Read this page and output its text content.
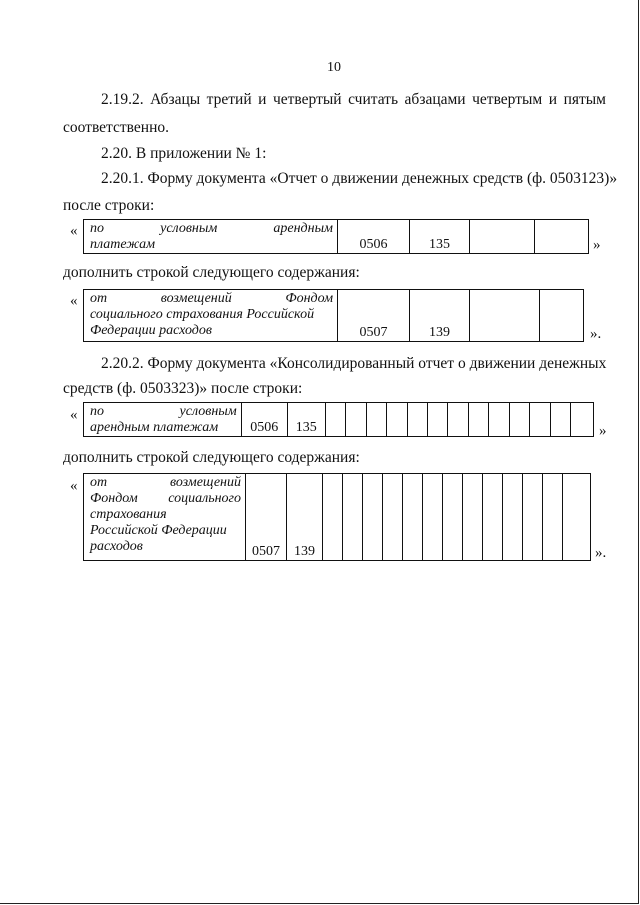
10
2.19.2. Абзацы третий и четвертый считать абзацами четвертым и пятым
соответственно.
2.20. В приложении № 1:
2.20.1. Форму документа «Отчет о движении денежных средств (ф. 0503123)»
после строки:
« по условным арендным
платежам	0506	135			»
дополнить строкой следующего содержания:
« от возмещений Фондом
социального страхования Российской
Федерации расходов	0507	139			».
2.20.2. Форму документа «Консолидированный отчет о движении денежных
средств (ф. 0503323)» после строки:
« по условным
арендным платежам	0506	135														»
дополнить строкой следующего содержания:
« от возмещений
Фондом социального
страхования
Российской Федерации
расходов	0507	139														».
